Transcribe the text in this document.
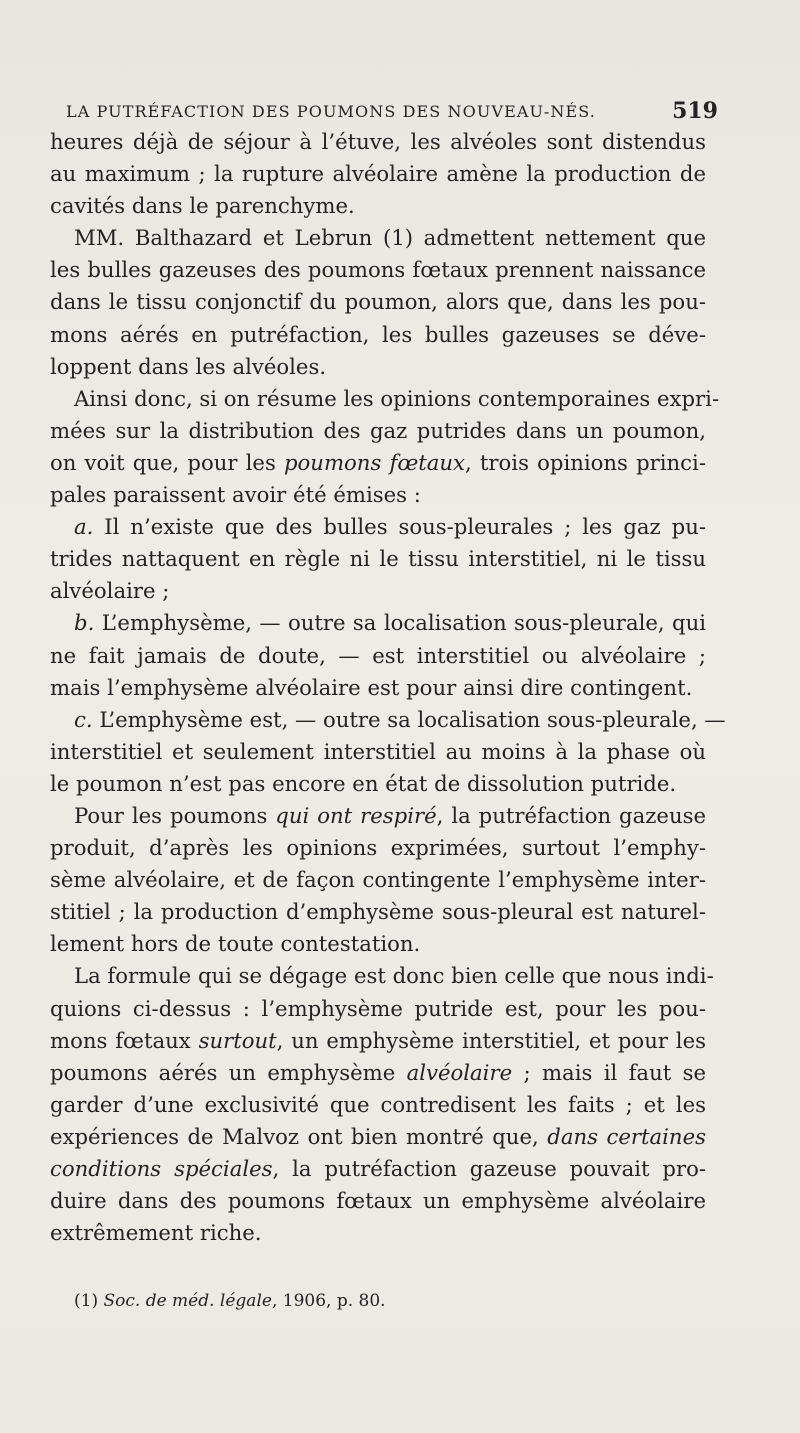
LA PUTRÉFACTION DES POUMONS DES NOUVEAU-NÉS.	519
heures déjà de séjour à l’étuve, les alvéoles sont distendus
au maximum ; la rupture alvéolaire amène la production de
cavités dans le parenchyme.
MM. Balthazard et Lebrun (1) admettent nettement que
les bulles gazeuses des poumons fœtaux prennent naissance
dans le tissu conjonctif du poumon, alors que, dans les pou-
mons aérés en putréfaction, les bulles gazeuses se déve-
loppent dans les alvéoles.
Ainsi donc, si on résume les opinions contemporaines expri-
mées sur la distribution des gaz putrides dans un poumon,
on voit que, pour les poumons fœtaux, trois opinions princi-
pales paraissent avoir été émises :
a. Il n’existe que des bulles sous-pleurales ; les gaz pu-
trides nattaquent en règle ni le tissu interstitiel, ni le tissu
alvéolaire ;
b. L’emphysème, — outre sa localisation sous-pleurale, qui
ne fait jamais de doute, — est interstitiel ou alvéolaire ;
mais l’emphysème alvéolaire est pour ainsi dire contingent.
c. L’emphysème est, — outre sa localisation sous-pleurale, —
interstitiel et seulement interstitiel au moins à la phase où
le poumon n’est pas encore en état de dissolution putride.
Pour les poumons qui ont respiré, la putréfaction gazeuse
produit, d’après les opinions exprimées, surtout l’emphy-
sème alvéolaire, et de façon contingente l’emphysème inter-
stitiel ; la production d’emphysème sous-pleural est naturel-
lement hors de toute contestation.
La formule qui se dégage est donc bien celle que nous indi-
quions ci-dessus : l’emphysème putride est, pour les pou-
mons fœtaux surtout, un emphysème interstitiel, et pour les
poumons aérés un emphysème alvéolaire ; mais il faut se
garder d’une exclusivité que contredisent les faits ; et les
expériences de Malvoz ont bien montré que, dans certaines
conditions spéciales, la putréfaction gazeuse pouvait pro-
duire dans des poumons fœtaux un emphysème alvéolaire
extrêmement riche.
(1) Soc. de méd. légale, 1906, p. 80.
